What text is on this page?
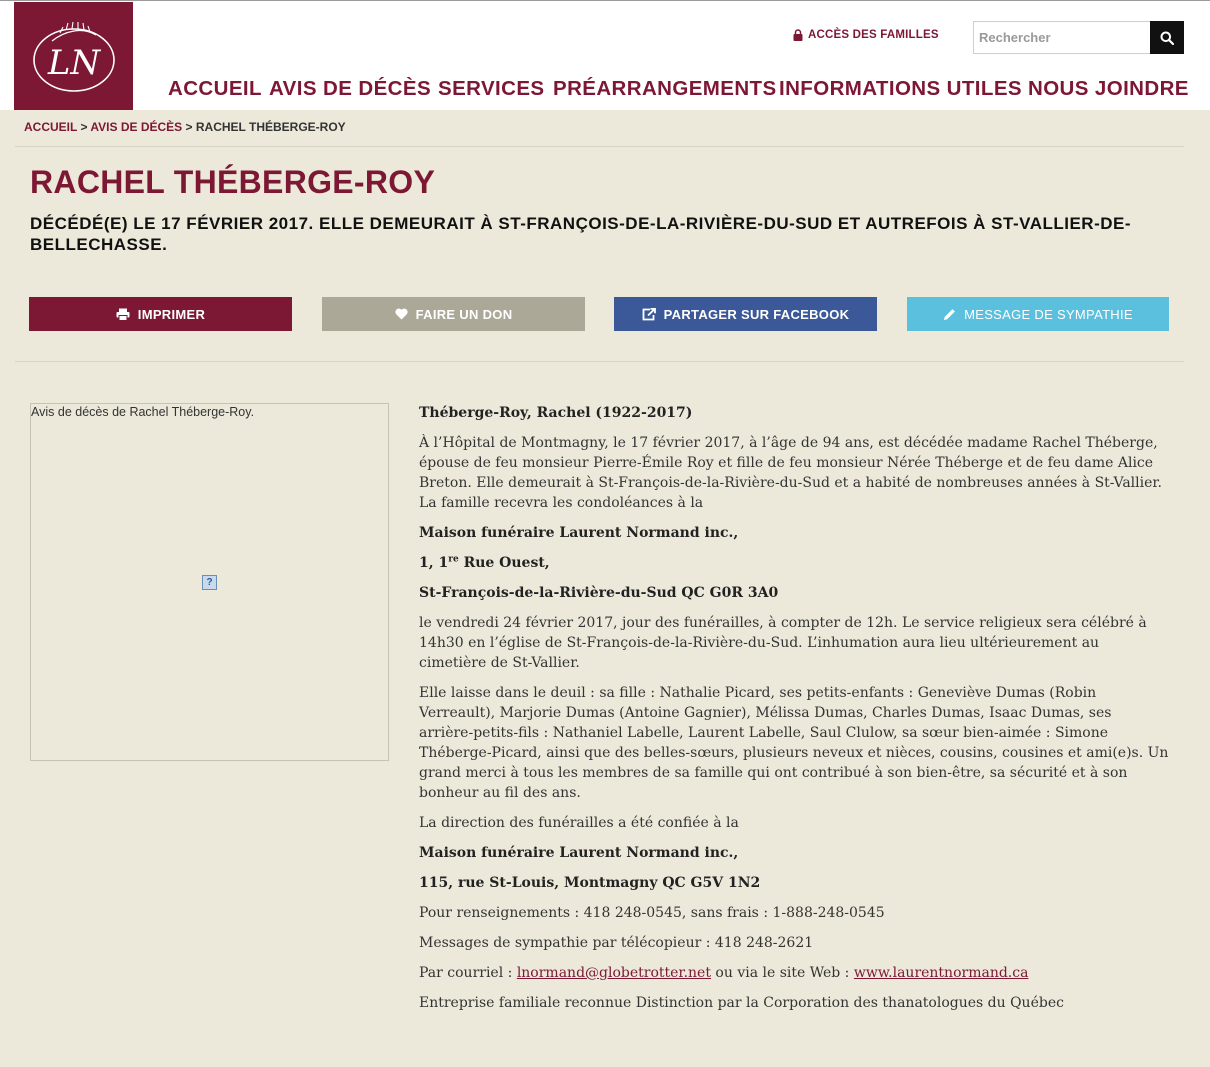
LN
ACCÈS DES FAMILLES
Rechercher
ACCUEIL AVIS DE DÉCÈS SERVICES PRÉARRANGEMENTS INFORMATIONS UTILES NOUS JOINDRE
ACCUEIL > AVIS DE DÉCÈS > RACHEL THÉBERGE-ROY
RACHEL THÉBERGE-ROY
DÉCÉDÉ(E) LE 17 FÉVRIER 2017. ELLE DEMEURAIT À ST-FRANÇOIS-DE-LA-RIVIÈRE-DU-SUD ET AUTREFOIS À ST-VALLIER-DE-BELLECHASSE.
IMPRIMER	FAIRE UN DON	PARTAGER SUR FACEBOOK	MESSAGE DE SYMPATHIE
Avis de décès de Rachel Théberge-Roy.
?

Théberge-Roy, Rachel (1922-2017)

À l’Hôpital de Montmagny, le 17 février 2017, à l’âge de 94 ans, est décédée madame Rachel Théberge, épouse de feu monsieur Pierre-Émile Roy et fille de feu monsieur Nérée Théberge et de feu dame Alice Breton. Elle demeurait à St-François-de-la-Rivière-du-Sud et a habité de nombreuses années à St-Vallier. La famille recevra les condoléances à la

Maison funéraire Laurent Normand inc.,

1, 1re Rue Ouest,

St-François-de-la-Rivière-du-Sud QC G0R 3A0

le vendredi 24 février 2017, jour des funérailles, à compter de 12h. Le service religieux sera célébré à 14h30 en l’église de St-François-de-la-Rivière-du-Sud. L’inhumation aura lieu ultérieurement au cimetière de St-Vallier.

Elle laisse dans le deuil : sa fille : Nathalie Picard, ses petits-enfants : Geneviève Dumas (Robin Verreault), Marjorie Dumas (Antoine Gagnier), Mélissa Dumas, Charles Dumas, Isaac Dumas, ses arrière-petits-fils : Nathaniel Labelle, Laurent Labelle, Saul Clulow, sa sœur bien-aimée : Simone Théberge-Picard, ainsi que des belles-sœurs, plusieurs neveux et nièces, cousins, cousines et ami(e)s. Un grand merci à tous les membres de sa famille qui ont contribué à son bien-être, sa sécurité et à son bonheur au fil des ans.

La direction des funérailles a été confiée à la

Maison funéraire Laurent Normand inc.,

115, rue St-Louis, Montmagny QC G5V 1N2

Pour renseignements : 418 248-0545, sans frais : 1-888-248-0545

Messages de sympathie par télécopieur : 418 248-2621

Par courriel : lnormand@globetrotter.net ou via le site Web : www.laurentnormand.ca

Entreprise familiale reconnue Distinction par la Corporation des thanatologues du Québec
